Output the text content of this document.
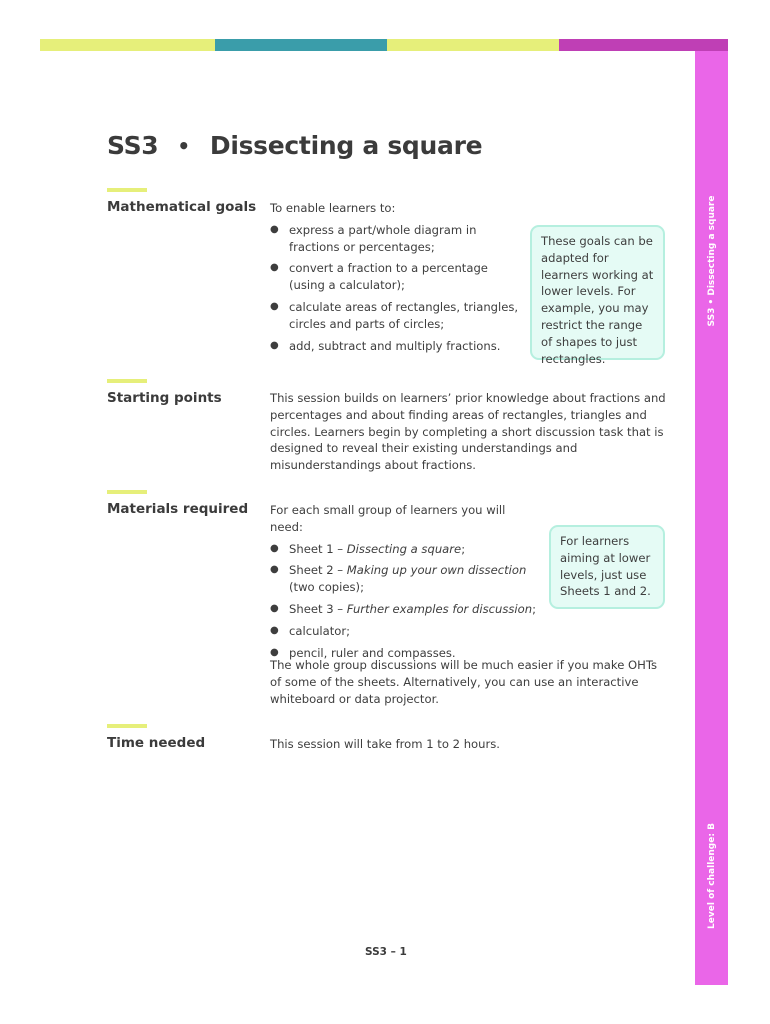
SS3 • Dissecting a square
Level of challenge: B
SS3 • Dissecting a square
Mathematical goals To enable learners to:
● express a part/whole diagram in fractions or percentages;
● convert a fraction to a percentage (using a calculator);
● calculate areas of rectangles, triangles, circles and parts of circles;
● add, subtract and multiply fractions.
These goals can be adapted for learners working at lower levels. For example, you may restrict the range of shapes to just rectangles.
Starting points	This session builds on learners’ prior knowledge about fractions and percentages and about finding areas of rectangles, triangles and circles. Learners begin by completing a short discussion task that is designed to reveal their existing understandings and misunderstandings about fractions.
Materials required For each small group of learners you will need:
● Sheet 1 – Dissecting a square;
● Sheet 2 – Making up your own dissection (two copies);
● Sheet 3 – Further examples for discussion;
● calculator;
● pencil, ruler and compasses.
The whole group discussions will be much easier if you make OHTs of some of the sheets. Alternatively, you can use an interactive whiteboard or data projector.
For learners aiming at lower levels, just use Sheets 1 and 2.
Time needed	This session will take from 1 to 2 hours.
SS3 – 1
